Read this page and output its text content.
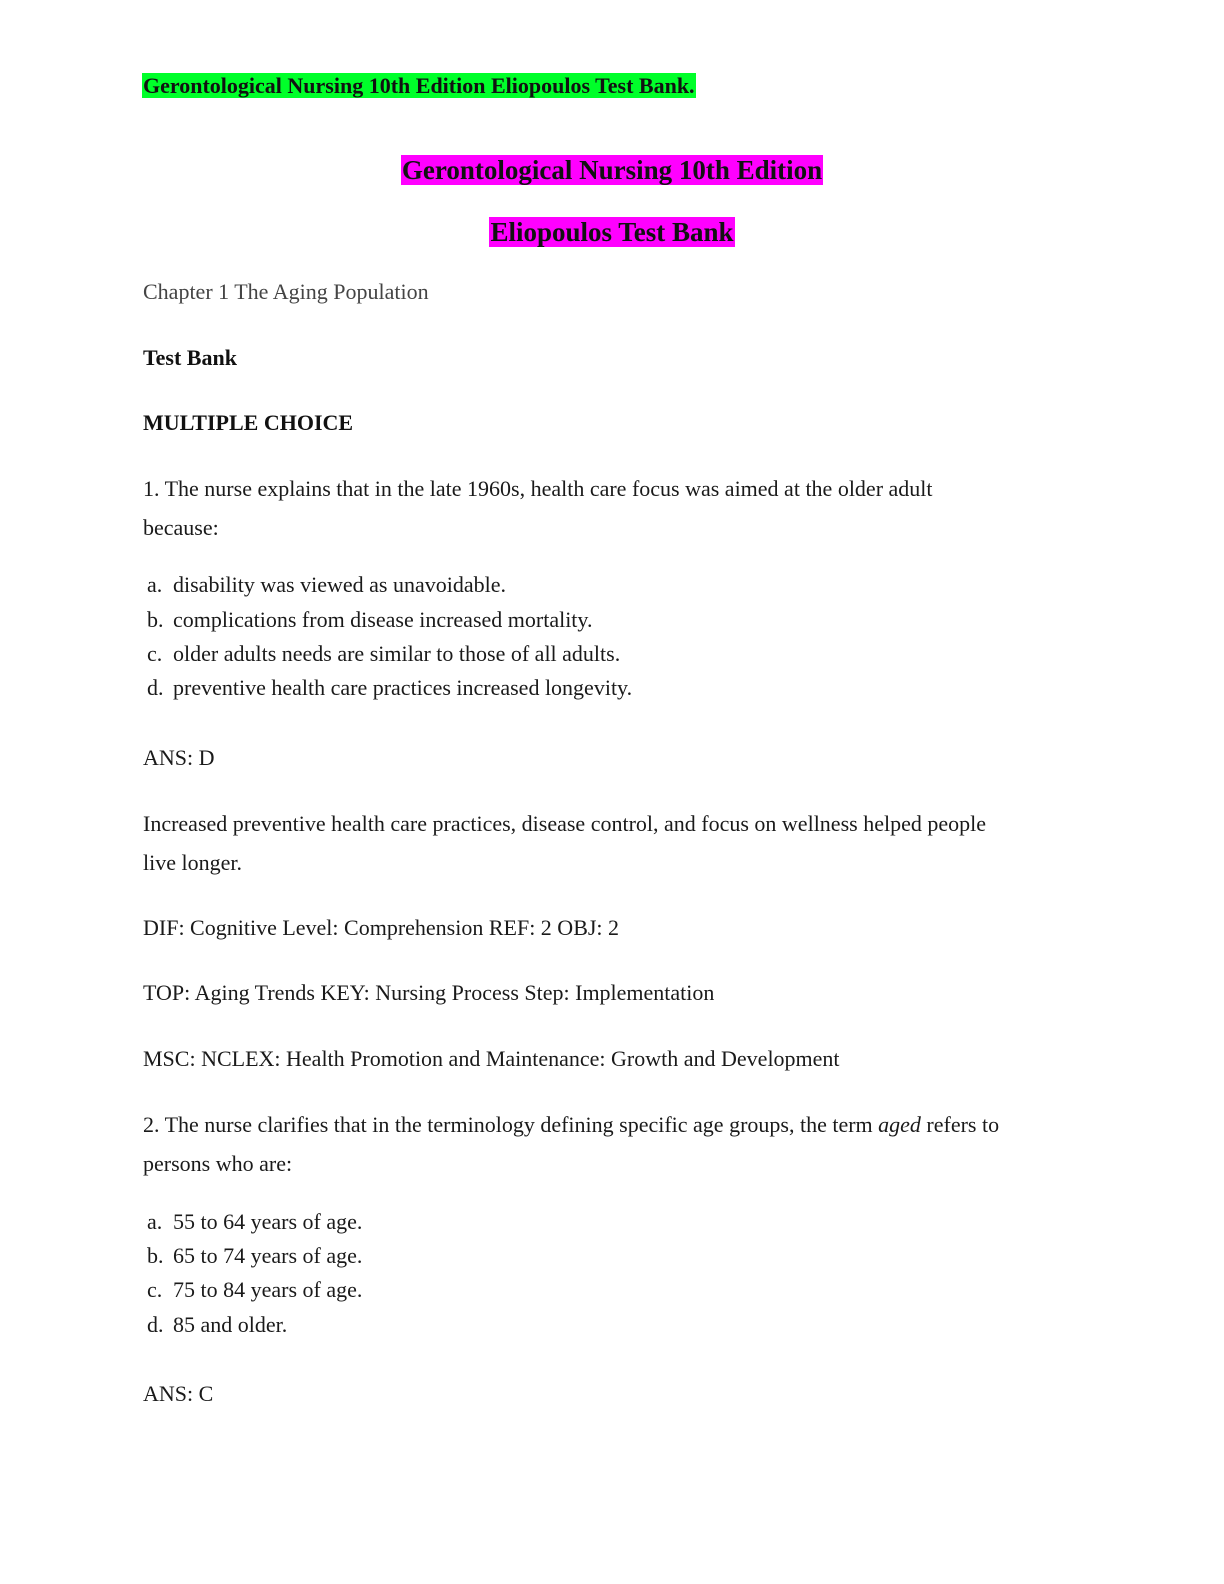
Gerontological Nursing 10th Edition Eliopoulos Test Bank.
Gerontological Nursing 10th Edition
Eliopoulos Test Bank
Chapter 1 The Aging Population
Test Bank
MULTIPLE CHOICE
1. The nurse explains that in the late 1960s, health care focus was aimed at the older adult
because:
a. disability was viewed as unavoidable.
b. complications from disease increased mortality.
c. older adults needs are similar to those of all adults.
d. preventive health care practices increased longevity.
ANS: D
Increased preventive health care practices, disease control, and focus on wellness helped people
live longer.
DIF: Cognitive Level: Comprehension REF: 2 OBJ: 2
TOP: Aging Trends KEY: Nursing Process Step: Implementation
MSC: NCLEX: Health Promotion and Maintenance: Growth and Development
2. The nurse clarifies that in the terminology defining specific age groups, the term aged refers to
persons who are:
a. 55 to 64 years of age.
b. 65 to 74 years of age.
c. 75 to 84 years of age.
d. 85 and older.
ANS: C
